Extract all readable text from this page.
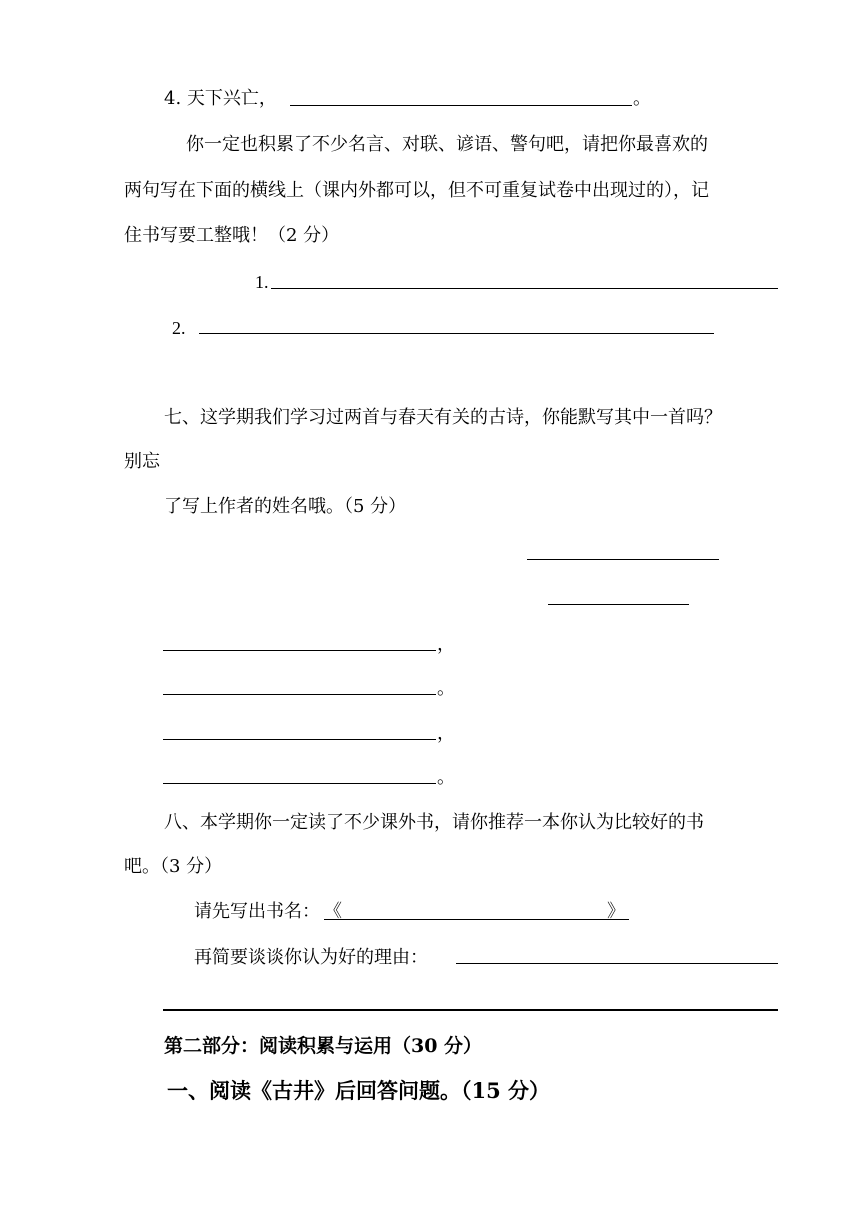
4. 天下兴亡，	。
你一定也积累了不少名言、对联、谚语、警句吧，请把你最喜欢的
两句写在下面的横线上（课内外都可以，但不可重复试卷中出现过的），记
住书写要工整哦！（2 分）
1.
2.
七、这学期我们学习过两首与春天有关的古诗，你能默写其中一首吗？
别忘
了写上作者的姓名哦。（5 分）
，
。
，
。
八、本学期你一定读了不少课外书，请你推荐一本你认为比较好的书
吧。（3 分）
请先写出书名： 《	》
再简要谈谈你认为好的理由：
第二部分：阅读积累与运用（30 分）
一、阅读《古井》后回答问题。（15 分）
